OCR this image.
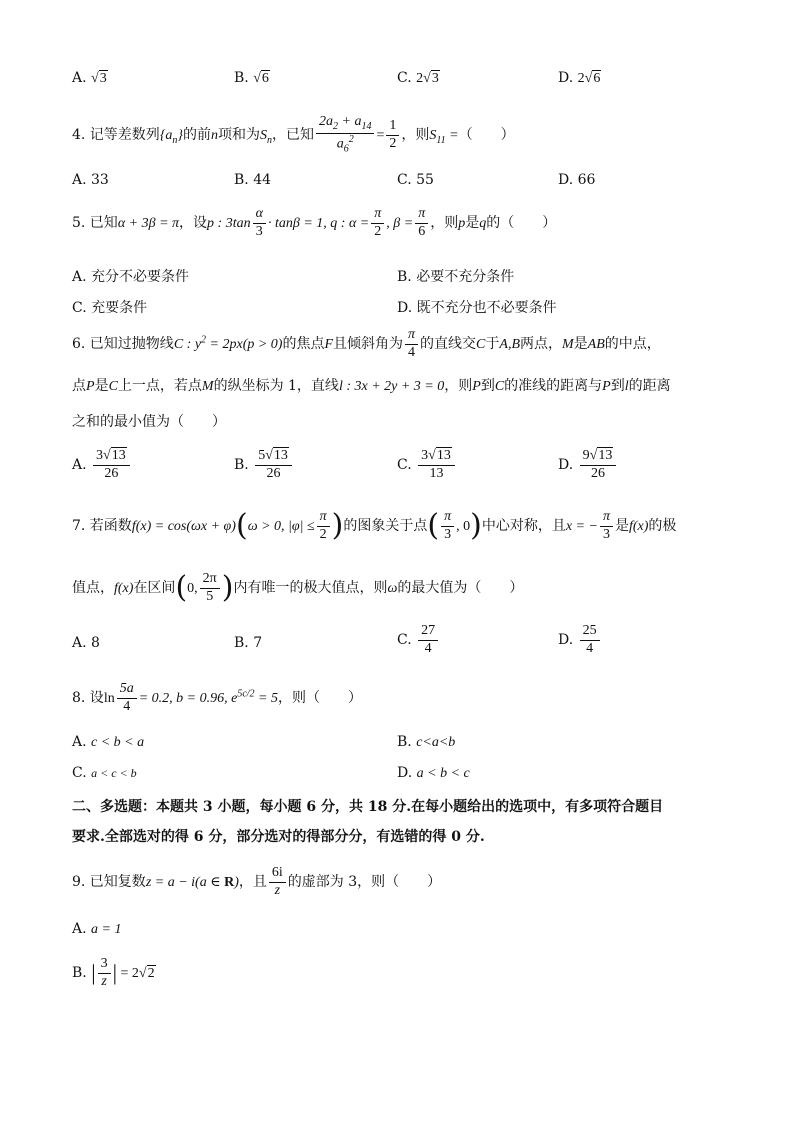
A. √3	B. √6	C. 2√3	D. 2√6
4. 记等差数列$\{a_n\}$的前n项和为$S_n$，已知 $\frac{2a_2 + a_{14}}{a_6^2} = \frac{1}{2}$ ，则$S_{11}$ =（　　）
A. 33	B. 44	C. 55	D. 66
5. 已知α + 3β = π，设p : $3\tan \frac{\alpha}{3} \cdot \tan\beta = 1$, q : $\alpha = \frac{\pi}{2}$ , $\beta = \frac{\pi}{6}$ ，则p是q的（　　）
A. 充分不必要条件	B. 必要不充分条件
C. 充要条件	D. 既不充分也不必要条件
6. 已知过抛物线C : $y^2 = 2px(p > 0)$的焦点F且倾斜角为 $\frac{\pi}{4}$ 的直线交C于A,B两点，M是AB的中点，
点P是C上一点，若点M的纵坐标为 1，直线l : 3x + 2y + 3 = 0，则P到C的准线的距离与P到l的距离
之和的最小值为（　　）
A. $\frac{3√13}{26}$	B. $\frac{5√13}{26}$	C. $\frac{3√13}{13}$	D. $\frac{9√13}{26}$
7. 若函数f(x) = cos(ωx + φ)(ω > 0, $|\varphi| \le \frac{\pi}{2}$ )的图象关于点( $\frac{\pi}{3}$ , 0)中心对称，且x = − $\frac{\pi}{3}$ 是f(x)的极
值点，f(x)在区间(0, $\frac{2\pi}{5}$ )内有唯一的极大值点，则ω的最大值为（　　）
A. 8	B. 7	C. $\frac{27}{4}$	D. $\frac{25}{4}$
8. 设$\ln \frac{5a}{4} = 0.2$, b = 0.96, $e^{5c/2} = 5$，则（　　）
A. c < b < a	B. c<a<b
C. a < c < b	D. a < b < c
二、多选题：本题共 3 小题，每小题 6 分，共 18 分.在每小题给出的选项中，有多项符合题目
要求.全部选对的得 6 分，部分选对的得部分分，有选错的得 0 分.
9. 已知复数z = a − i(a ∈ R)，且 $\frac{6i}{z}$ 的虚部为 3，则（　　）
A. a = 1
B. | $\frac{3}{z}$ | = 2√2
